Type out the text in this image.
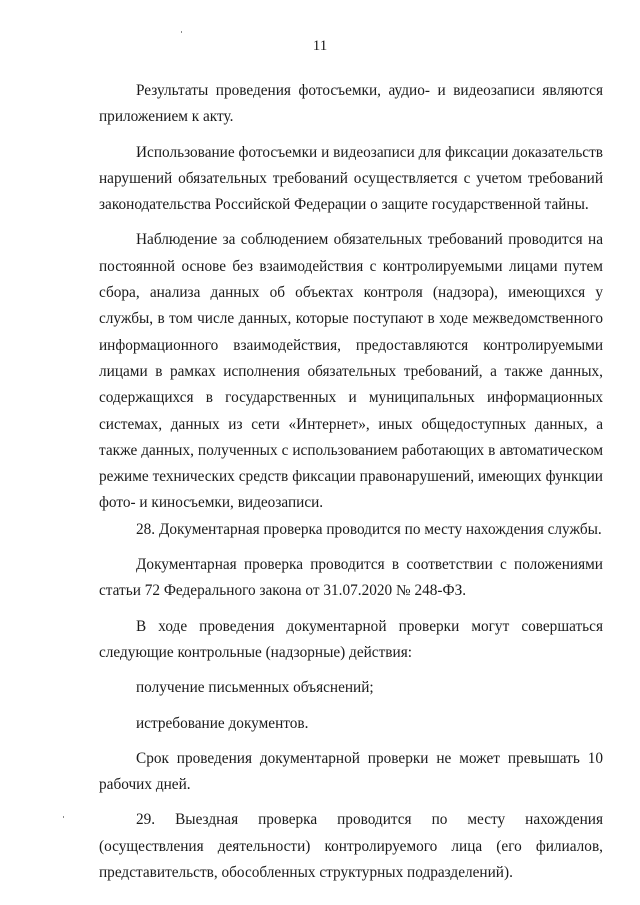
11

Результаты проведения фотосъемки, аудио- и видеозаписи являются приложением к акту.

Использование фотосъемки и видеозаписи для фиксации доказательств нарушений обязательных требований осуществляется с учетом требований законодательства Российской Федерации о защите государственной тайны.

Наблюдение за соблюдением обязательных требований проводится на постоянной основе без взаимодействия с контролируемыми лицами путем сбора, анализа данных об объектах контроля (надзора), имеющихся у службы, в том числе данных, которые поступают в ходе межведомственного информационного взаимодействия, предоставляются контролируемыми лицами в рамках исполнения обязательных требований, а также данных, содержащихся в государственных и муниципальных информационных системах, данных из сети «Интернет», иных общедоступных данных, а также данных, полученных с использованием работающих в автоматическом режиме технических средств фиксации правонарушений, имеющих функции фото- и киносъемки, видеозаписи.

28. Документарная проверка проводится по месту нахождения службы.

Документарная проверка проводится в соответствии с положениями статьи 72 Федерального закона от 31.07.2020 № 248-ФЗ.

В ходе проведения документарной проверки могут совершаться следующие контрольные (надзорные) действия:

получение письменных объяснений;

истребование документов.

Срок проведения документарной проверки не может превышать 10 рабочих дней.

29. Выездная проверка проводится по месту нахождения (осуществления деятельности) контролируемого лица (его филиалов, представительств, обособленных структурных подразделений).
